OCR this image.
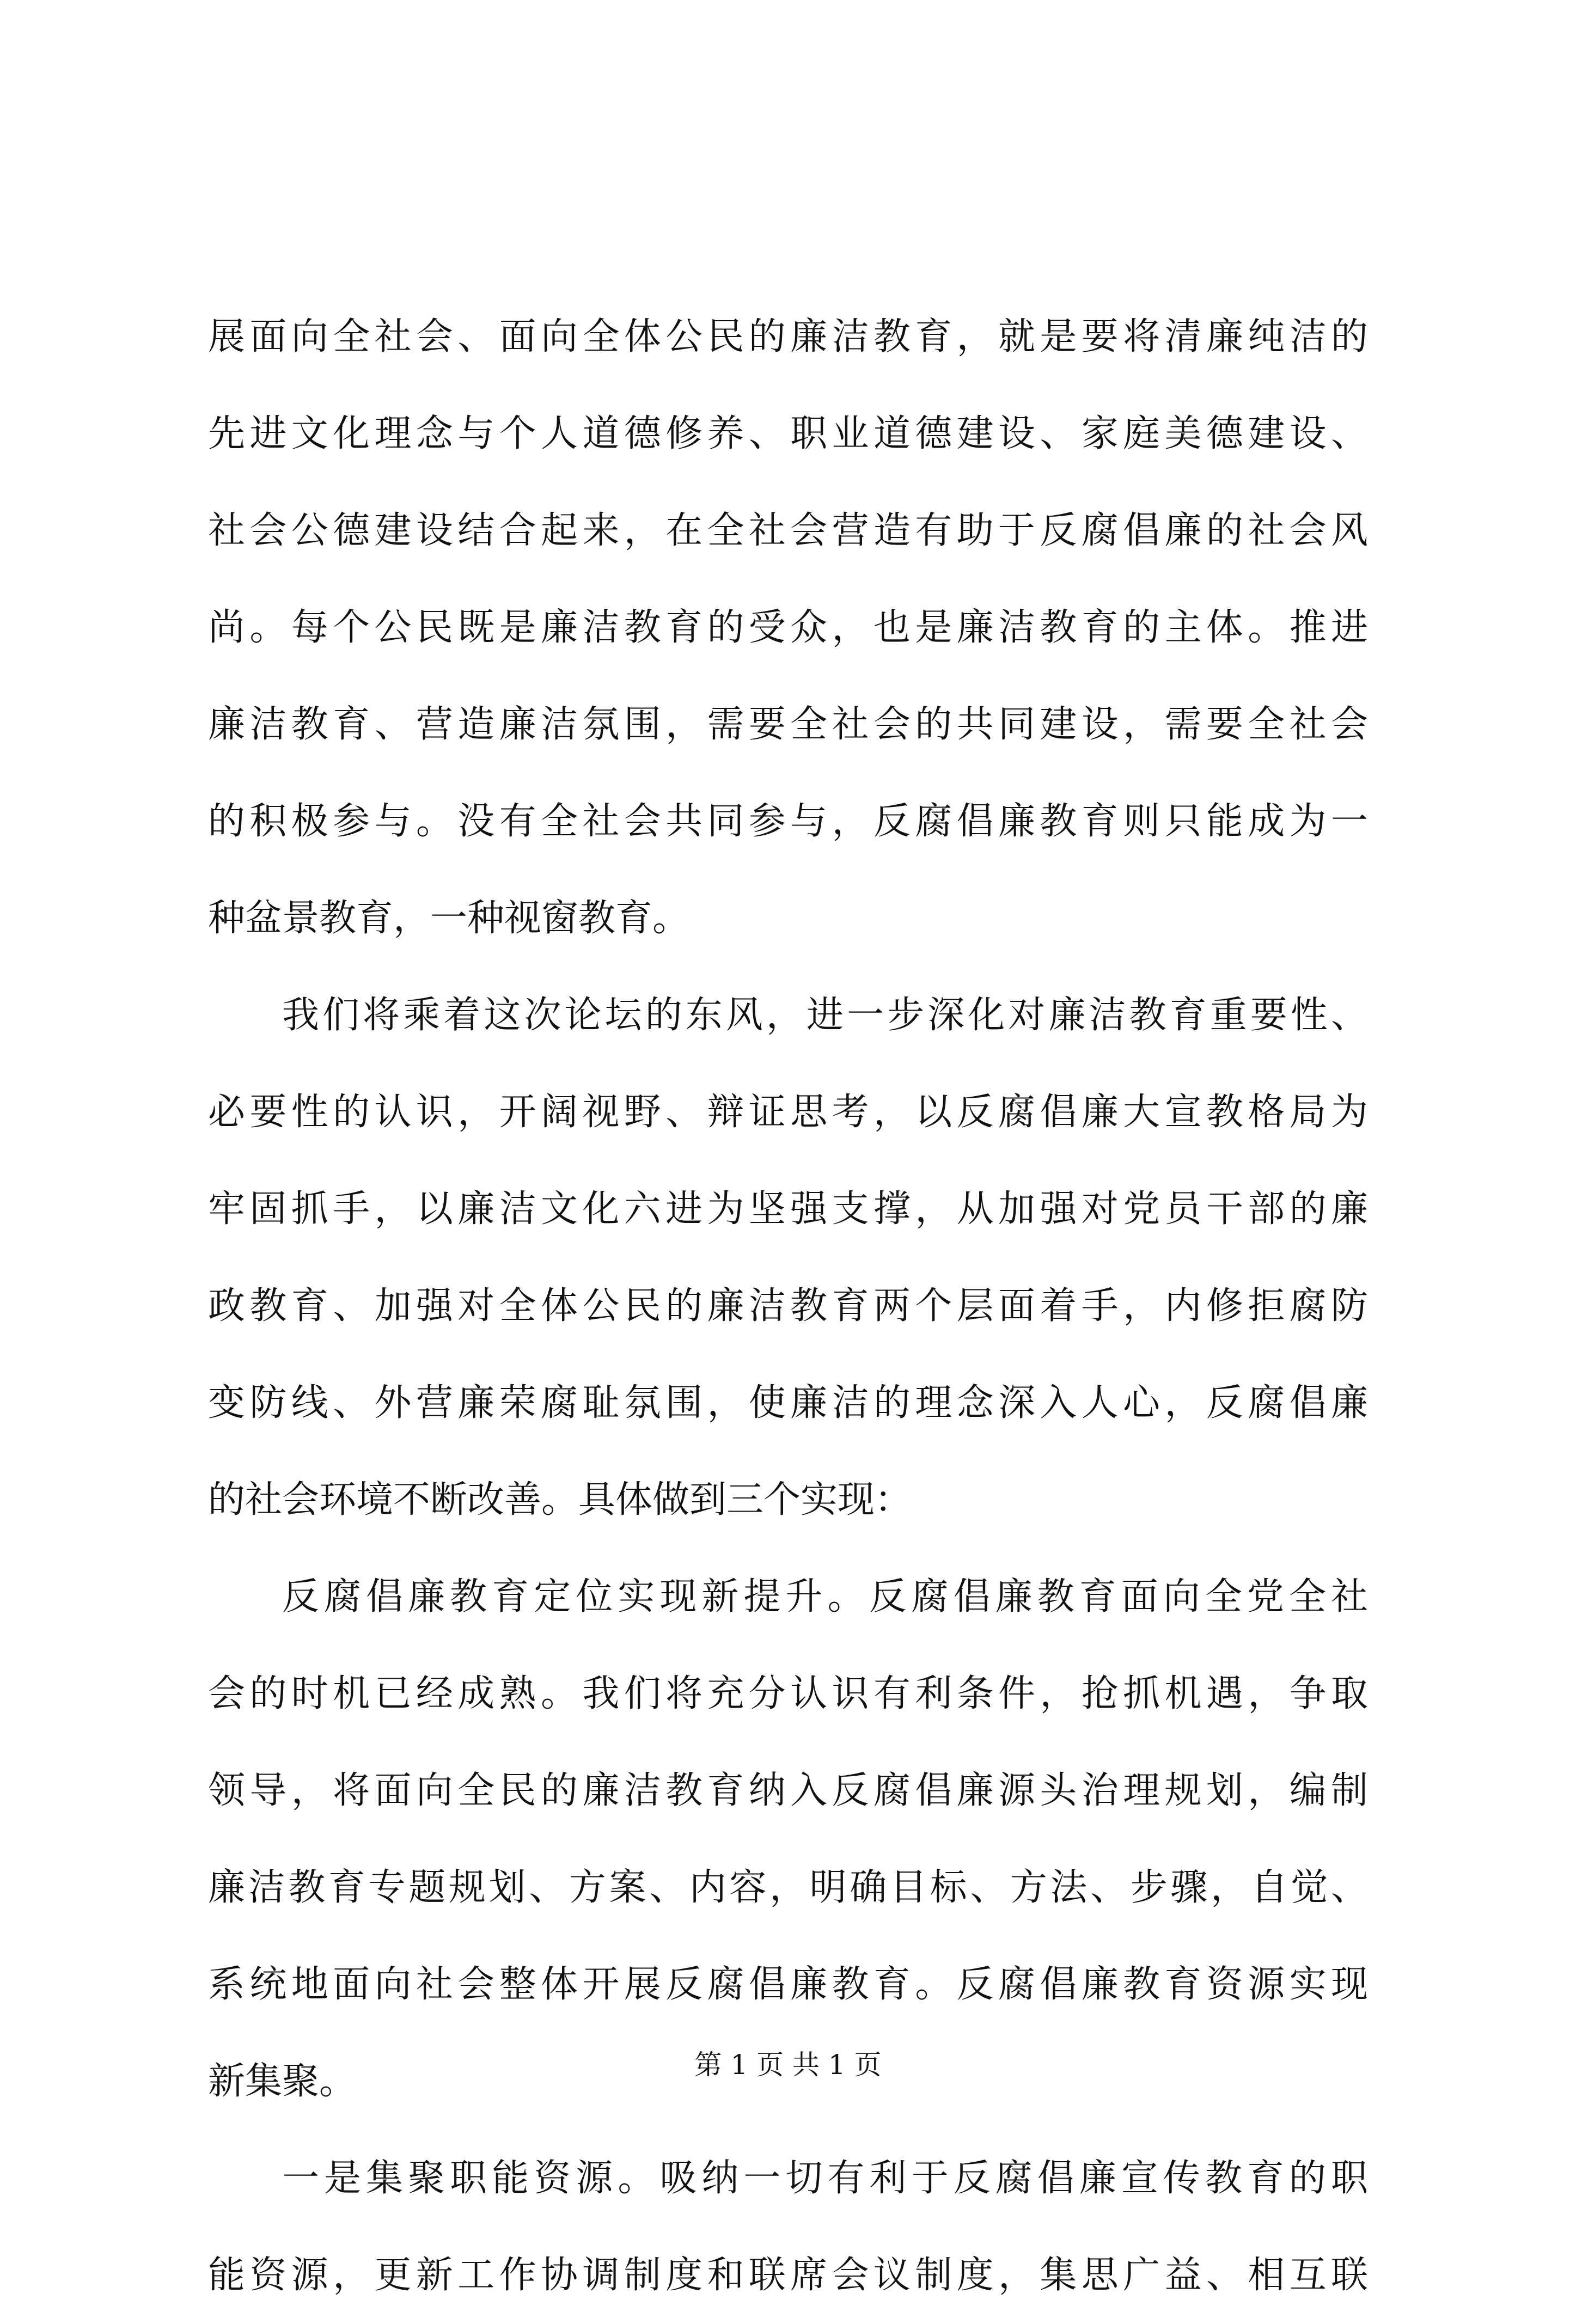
展面向全社会、面向全体公民的廉洁教育，就是要将清廉纯洁的
先进文化理念与个人道德修养、职业道德建设、家庭美德建设、
社会公德建设结合起来，在全社会营造有助于反腐倡廉的社会风
尚。每个公民既是廉洁教育的受众，也是廉洁教育的主体。推进
廉洁教育、营造廉洁氛围，需要全社会的共同建设，需要全社会
的积极参与。没有全社会共同参与，反腐倡廉教育则只能成为一
种盆景教育，一种视窗教育。
我们将乘着这次论坛的东风，进一步深化对廉洁教育重要性、
必要性的认识，开阔视野、辩证思考，以反腐倡廉大宣教格局为
牢固抓手，以廉洁文化六进为坚强支撑，从加强对党员干部的廉
政教育、加强对全体公民的廉洁教育两个层面着手，内修拒腐防
变防线、外营廉荣腐耻氛围，使廉洁的理念深入人心，反腐倡廉
的社会环境不断改善。具体做到三个实现：
反腐倡廉教育定位实现新提升。反腐倡廉教育面向全党全社
会的时机已经成熟。我们将充分认识有利条件，抢抓机遇，争取
领导，将面向全民的廉洁教育纳入反腐倡廉源头治理规划，编制
廉洁教育专题规划、方案、内容，明确目标、方法、步骤，自觉、
系统地面向社会整体开展反腐倡廉教育。反腐倡廉教育资源实现
新集聚。
一是集聚职能资源。吸纳一切有利于反腐倡廉宣传教育的职
能资源，更新工作协调制度和联席会议制度，集思广益、相互联
第 1 页 共 1 页
